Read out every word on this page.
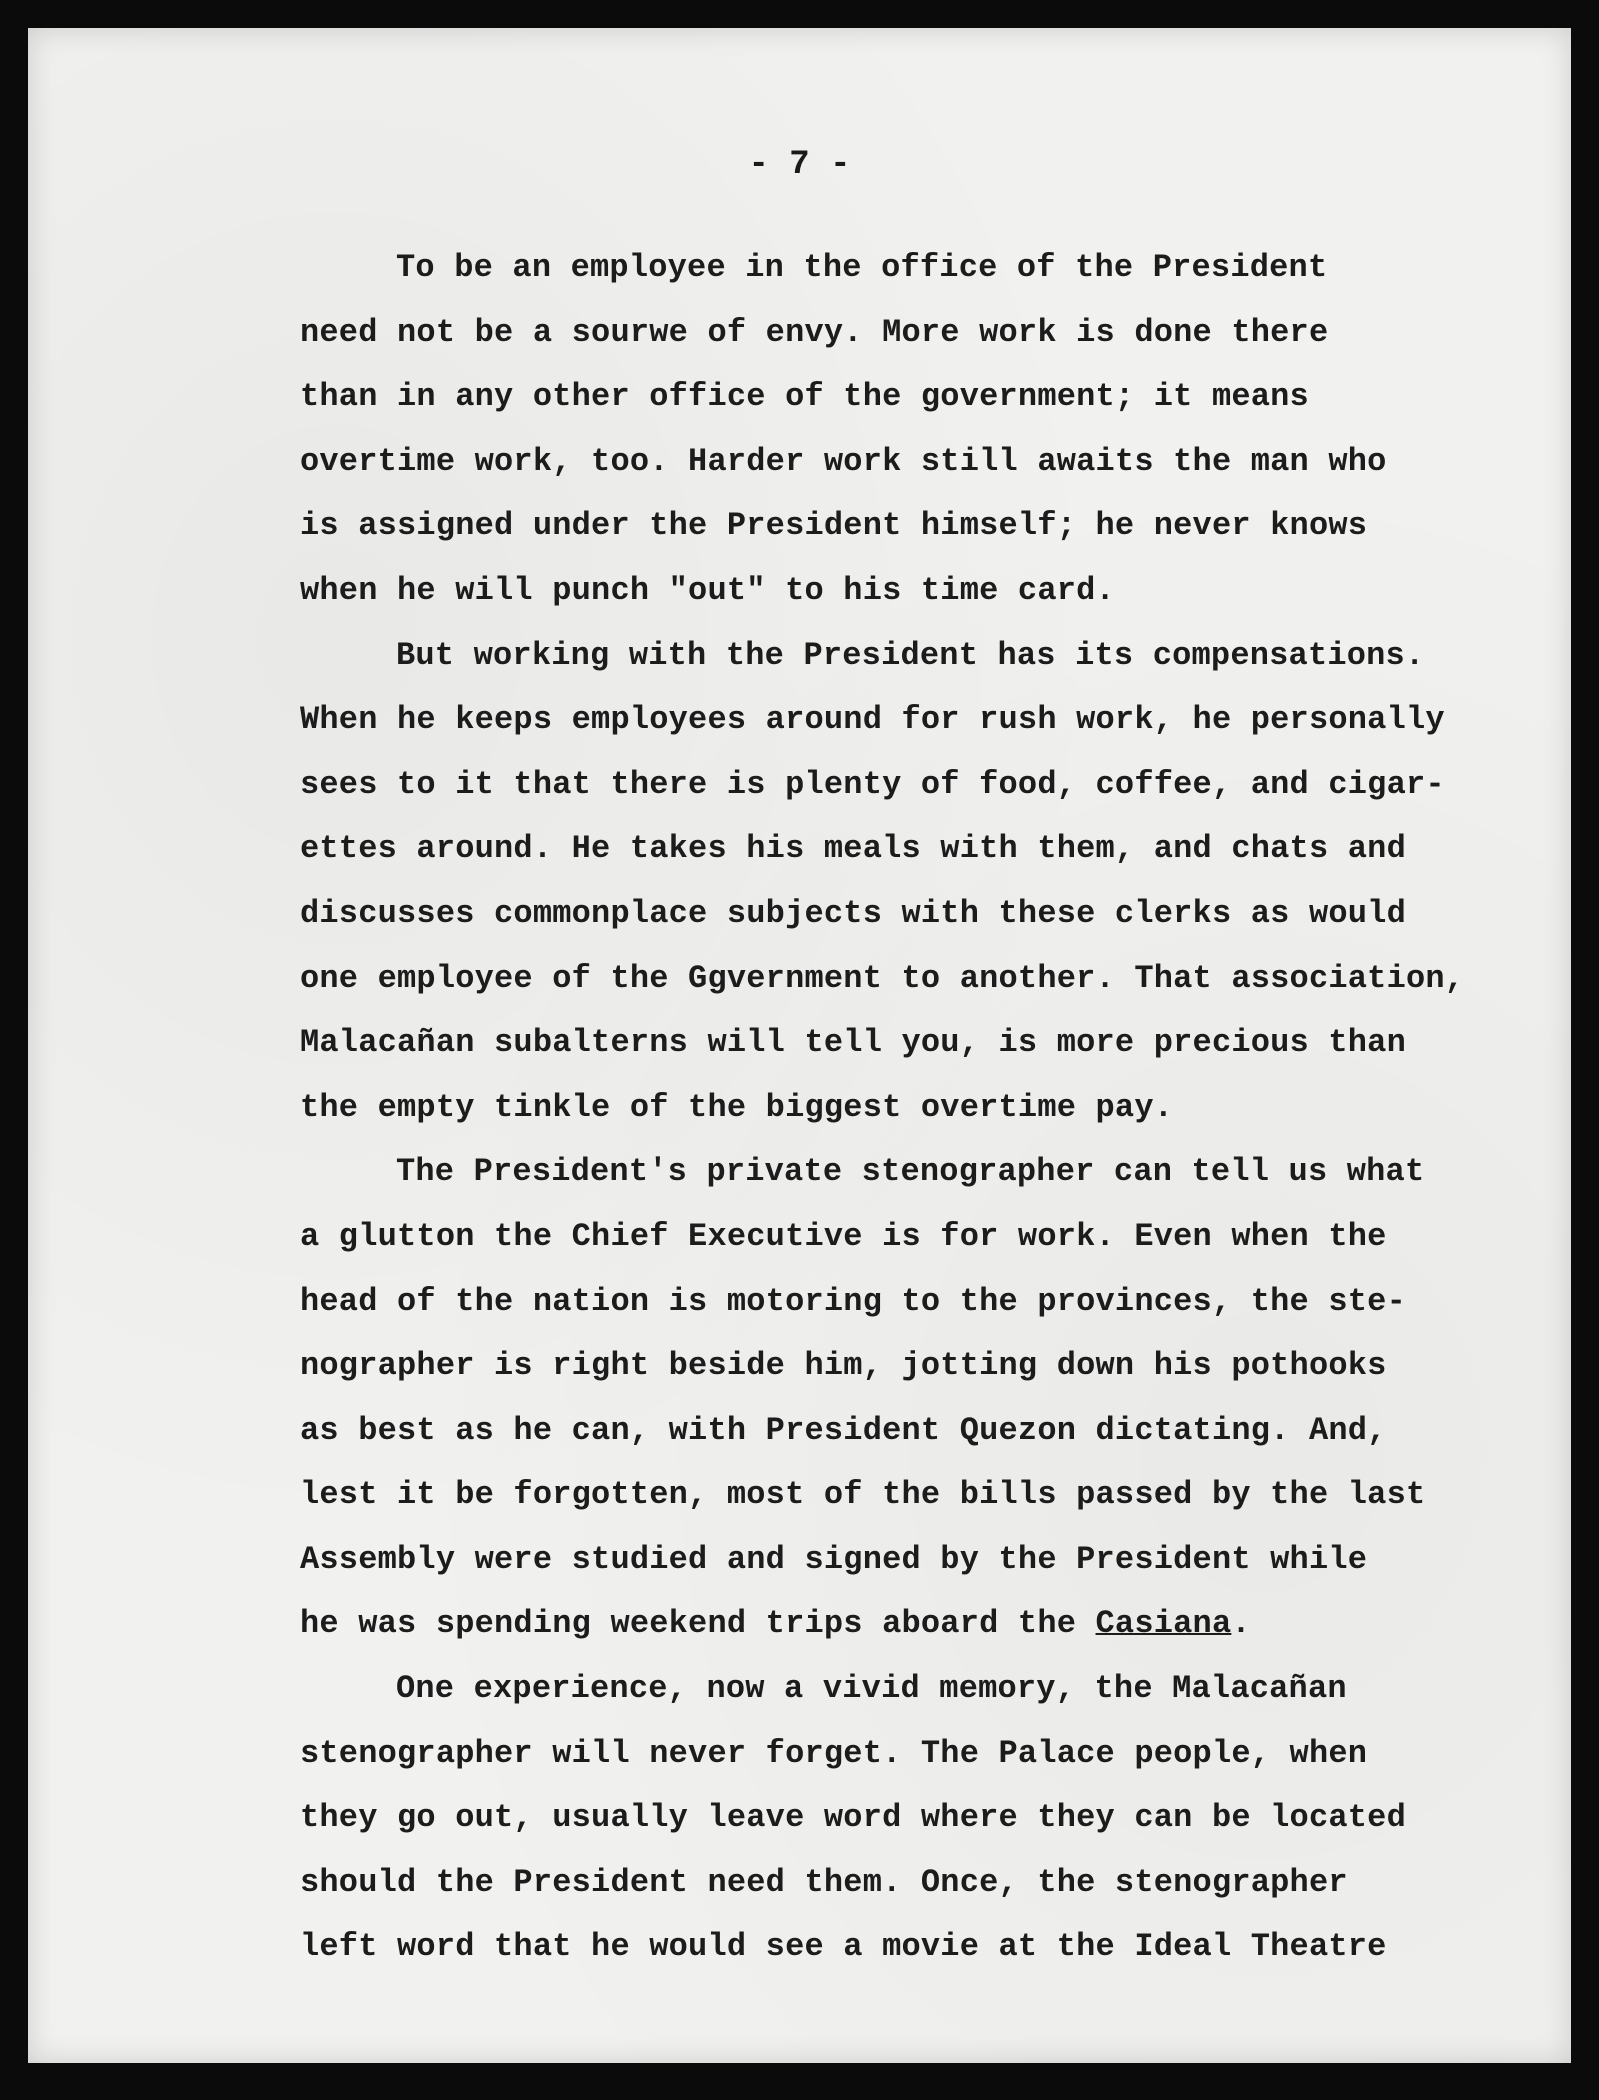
- 7 -
To be an employee in the office of the President
need not be a sourwe of envy. More work is done there
than in any other office of the government; it means
overtime work, too. Harder work still awaits the man who
is assigned under the President himself; he never knows
when he will punch "out" to his time card.
But working with the President has its compensations.
When he keeps employees around for rush work, he personally
sees to it that there is plenty of food, coffee, and cigar-
ettes around. He takes his meals with them, and chats and
discusses commonplace subjects with these clerks as would
one employee of the Ggvernment to another. That association,
Malacañan subalterns will tell you, is more precious than
the empty tinkle of the biggest overtime pay.
The President's private stenographer can tell us what
a glutton the Chief Executive is for work. Even when the
head of the nation is motoring to the provinces, the ste-
nographer is right beside him, jotting down his pothooks
as best as he can, with President Quezon dictating. And,
lest it be forgotten, most of the bills passed by the last
Assembly were studied and signed by the President while
he was spending weekend trips aboard the Casiana.
One experience, now a vivid memory, the Malacañan
stenographer will never forget. The Palace people, when
they go out, usually leave word where they can be located
should the President need them. Once, the stenographer
left word that he would see a movie at the Ideal Theatre
